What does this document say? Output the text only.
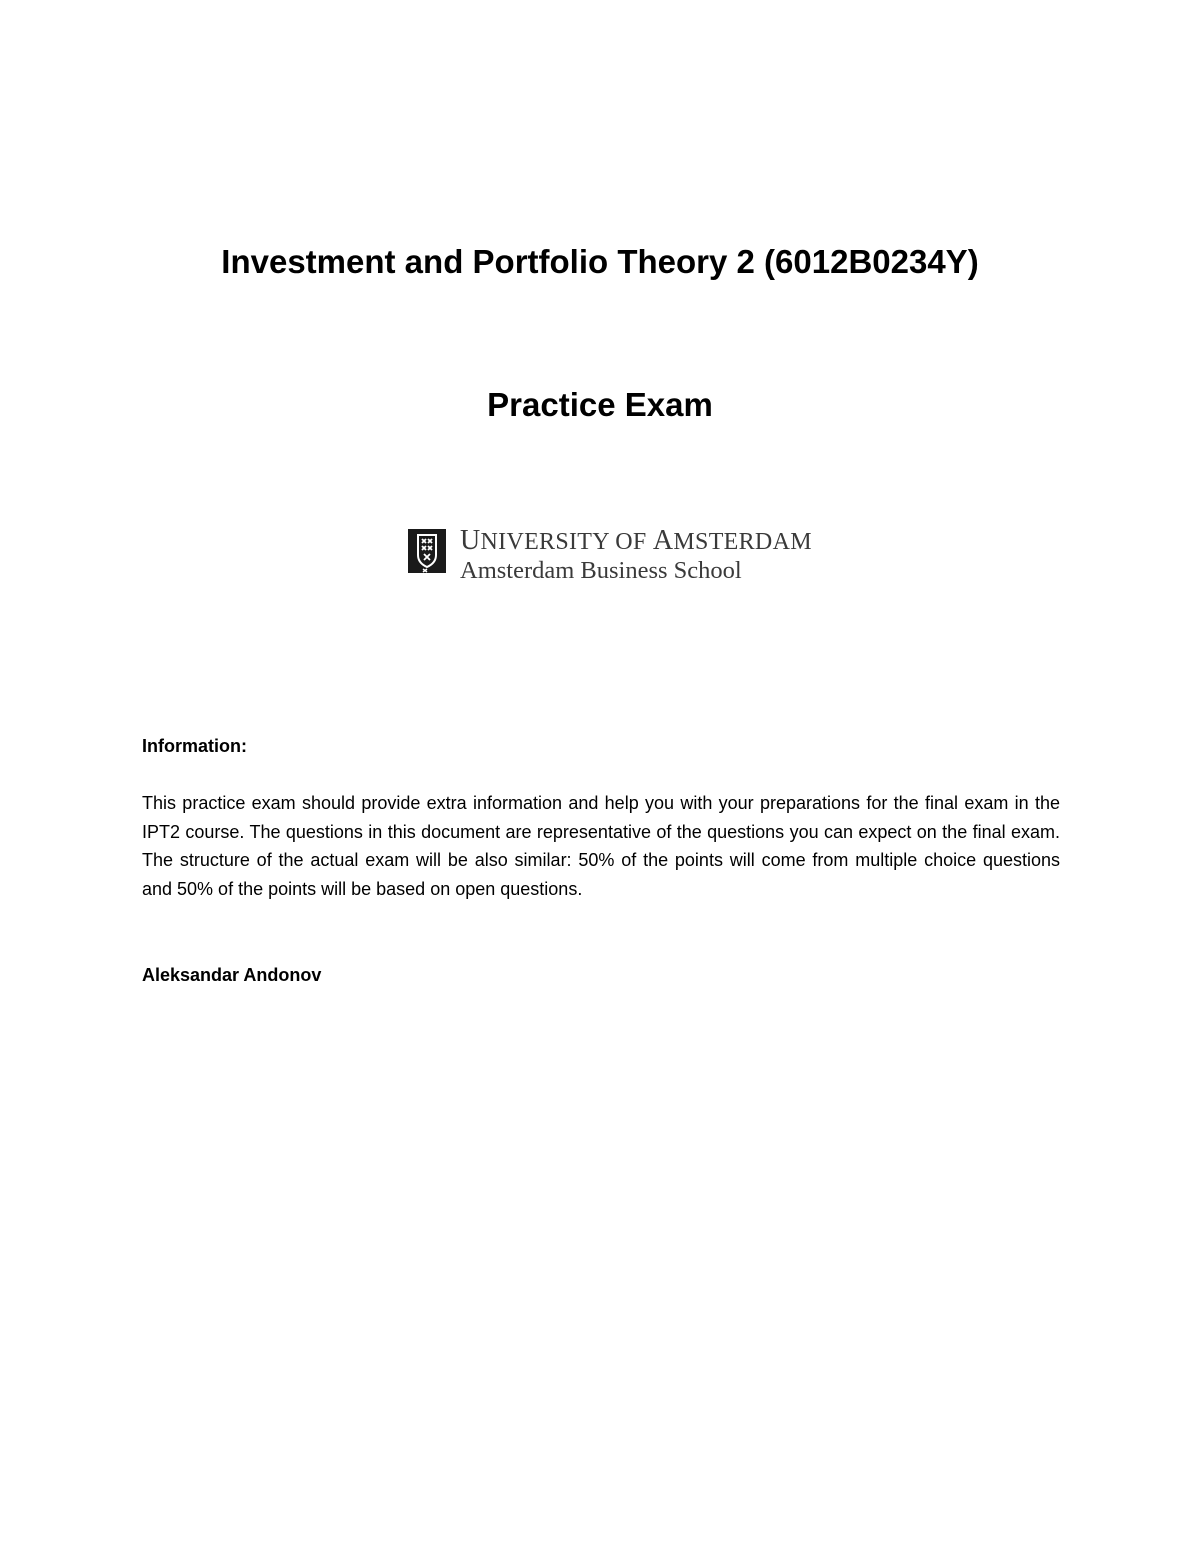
Investment and Portfolio Theory 2 (6012B0234Y)
Practice Exam
UNIVERSITY OF AMSTERDAM
Amsterdam Business School
Information:
This practice exam should provide extra information and help you with your preparations for the final exam in the IPT2 course. The questions in this document are representative of the questions you can expect on the final exam. The structure of the actual exam will be also similar: 50% of the points will come from multiple choice questions and 50% of the points will be based on open questions.
Aleksandar Andonov
